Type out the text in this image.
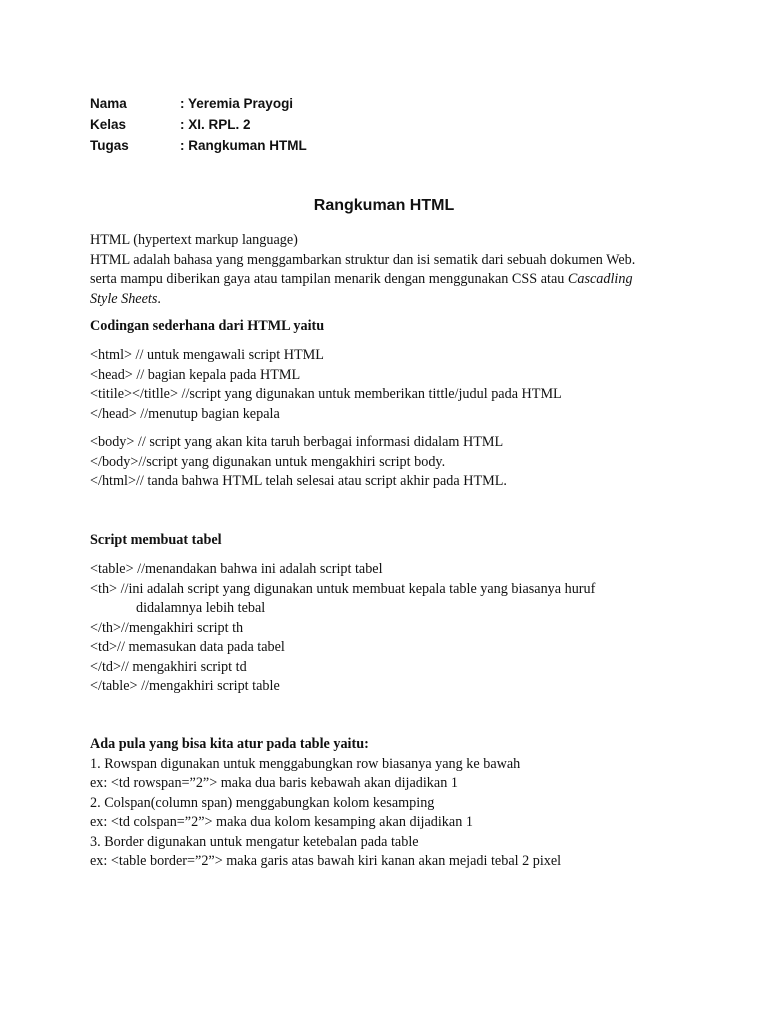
Nama	: Yeremia Prayogi
Kelas	: XI. RPL. 2
Tugas	: Rangkuman HTML
Rangkuman HTML
HTML (hypertext markup language)
HTML adalah bahasa yang menggambarkan struktur dan isi sematik dari sebuah dokumen Web.
serta mampu diberikan gaya atau tampilan menarik dengan menggunakan CSS atau Cascadling
Style Sheets.
Codingan sederhana dari HTML yaitu
<html> // untuk mengawali script HTML
<head> // bagian kepala pada HTML
<titile></titlle> //script yang digunakan untuk memberikan tittle/judul pada HTML
</head> //menutup bagian kepala
<body> // script yang akan kita taruh berbagai informasi didalam HTML
</body>//script yang digunakan untuk mengakhiri script body.
</html>// tanda bahwa HTML telah selesai atau script akhir pada HTML.
Script membuat tabel
<table> //menandakan bahwa ini adalah script tabel
<th> //ini adalah script yang digunakan untuk membuat kepala table yang biasanya huruf
didalamnya lebih tebal
</th>//mengakhiri script th
<td>// memasukan data pada tabel
</td>// mengakhiri script td
</table> //mengakhiri script table
Ada pula yang bisa kita atur pada table yaitu:
1. Rowspan digunakan untuk menggabungkan row biasanya yang ke bawah
ex: <td rowspan=”2”> maka dua baris kebawah akan dijadikan 1
2. Colspan(column span) menggabungkan kolom kesamping
ex: <td colspan=”2”> maka dua kolom kesamping akan dijadikan 1
3. Border digunakan untuk mengatur ketebalan pada table
ex: <table border=”2”> maka garis atas bawah kiri kanan akan mejadi tebal 2 pixel
